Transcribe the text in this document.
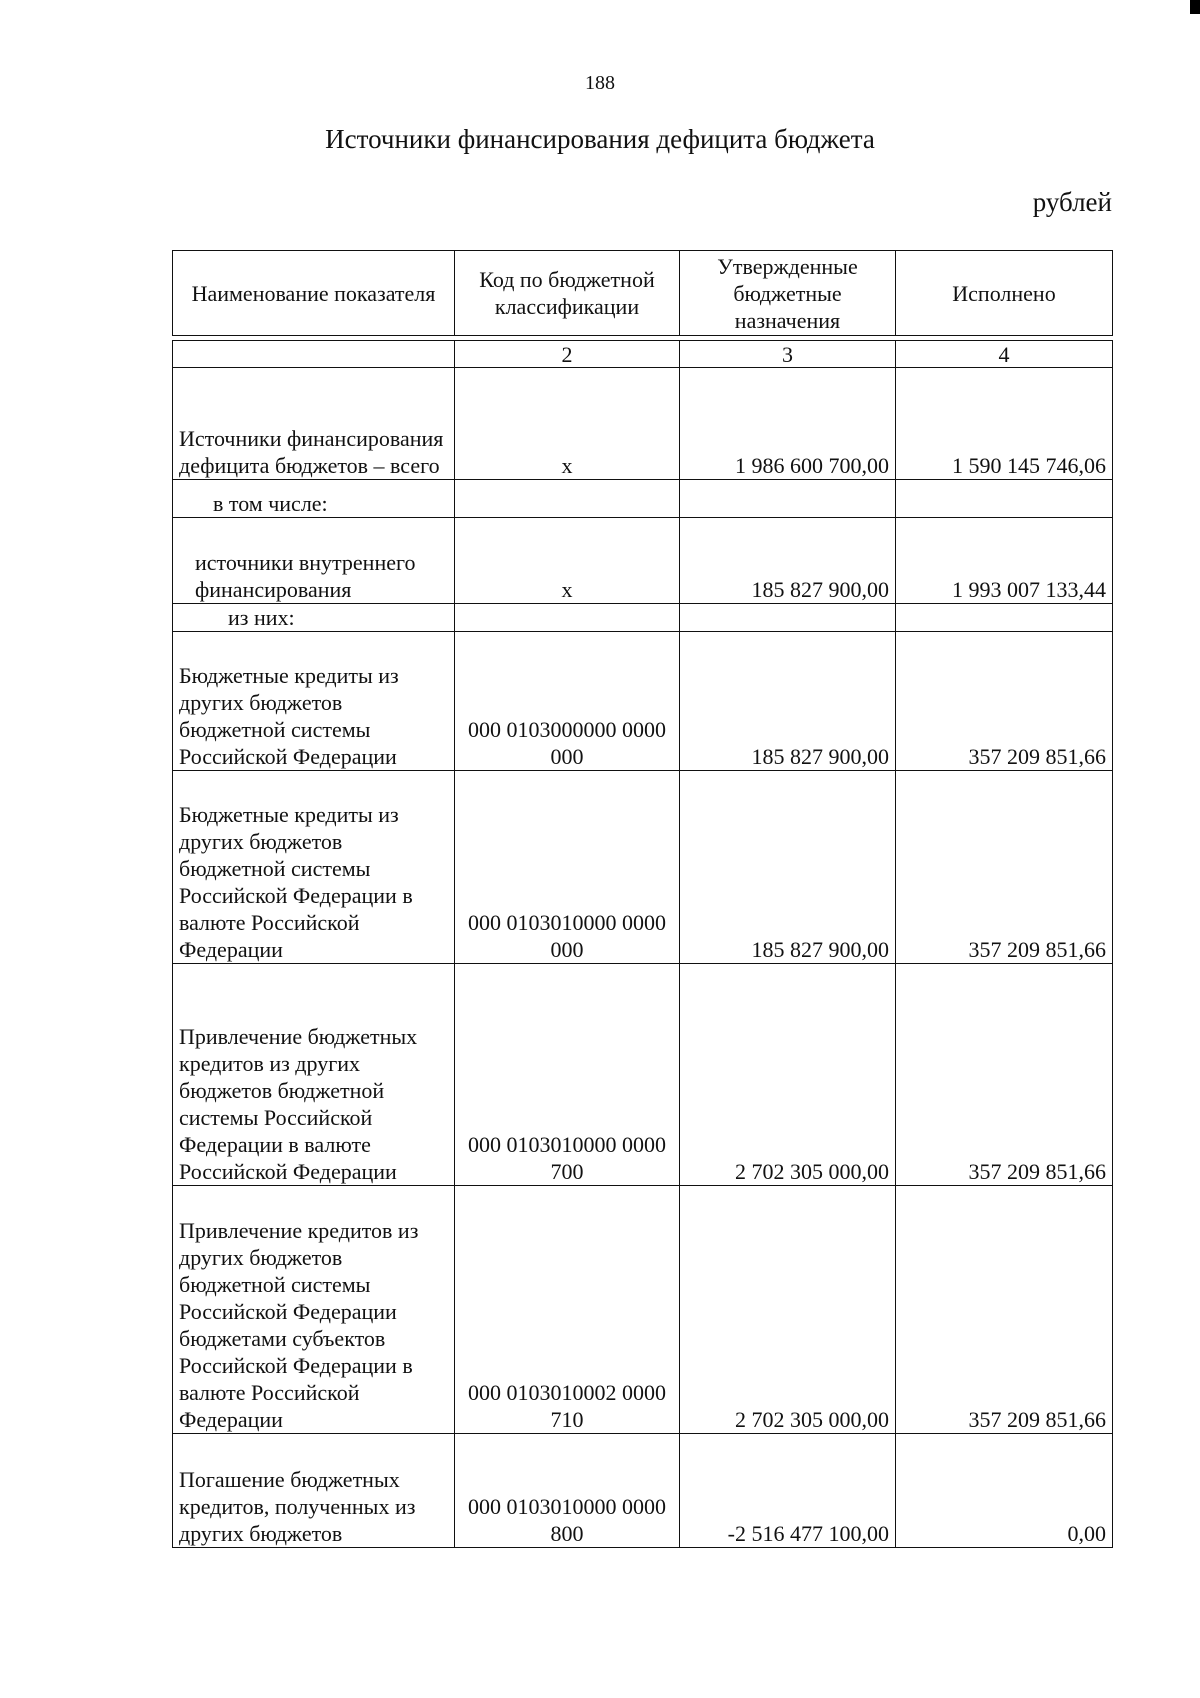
188
Источники финансирования дефицита бюджета
рублей
Наименование показателя	Код по бюджетной классификации	Утвержденные бюджетные назначения	Исполнено
	2	3	4
Источники финансирования дефицита бюджетов – всего	х	1 986 600 700,00	1 590 145 746,06
в том числе:			
источники внутреннего финансирования	х	185 827 900,00	1 993 007 133,44
из них:			
Бюджетные кредиты из других бюджетов бюджетной системы Российской Федерации	000 0103000000 0000 000	185 827 900,00	357 209 851,66
Бюджетные кредиты из других бюджетов бюджетной системы Российской Федерации в валюте Российской Федерации	000 0103010000 0000 000	185 827 900,00	357 209 851,66
Привлечение бюджетных кредитов из других бюджетов бюджетной системы Российской Федерации в валюте Российской Федерации	000 0103010000 0000 700	2 702 305 000,00	357 209 851,66
Привлечение кредитов из других бюджетов бюджетной системы Российской Федерации бюджетами субъектов Российской Федерации в валюте Российской Федерации	000 0103010002 0000 710	2 702 305 000,00	357 209 851,66
Погашение бюджетных кредитов, полученных из других бюджетов	000 0103010000 0000 800	-2 516 477 100,00	0,00
